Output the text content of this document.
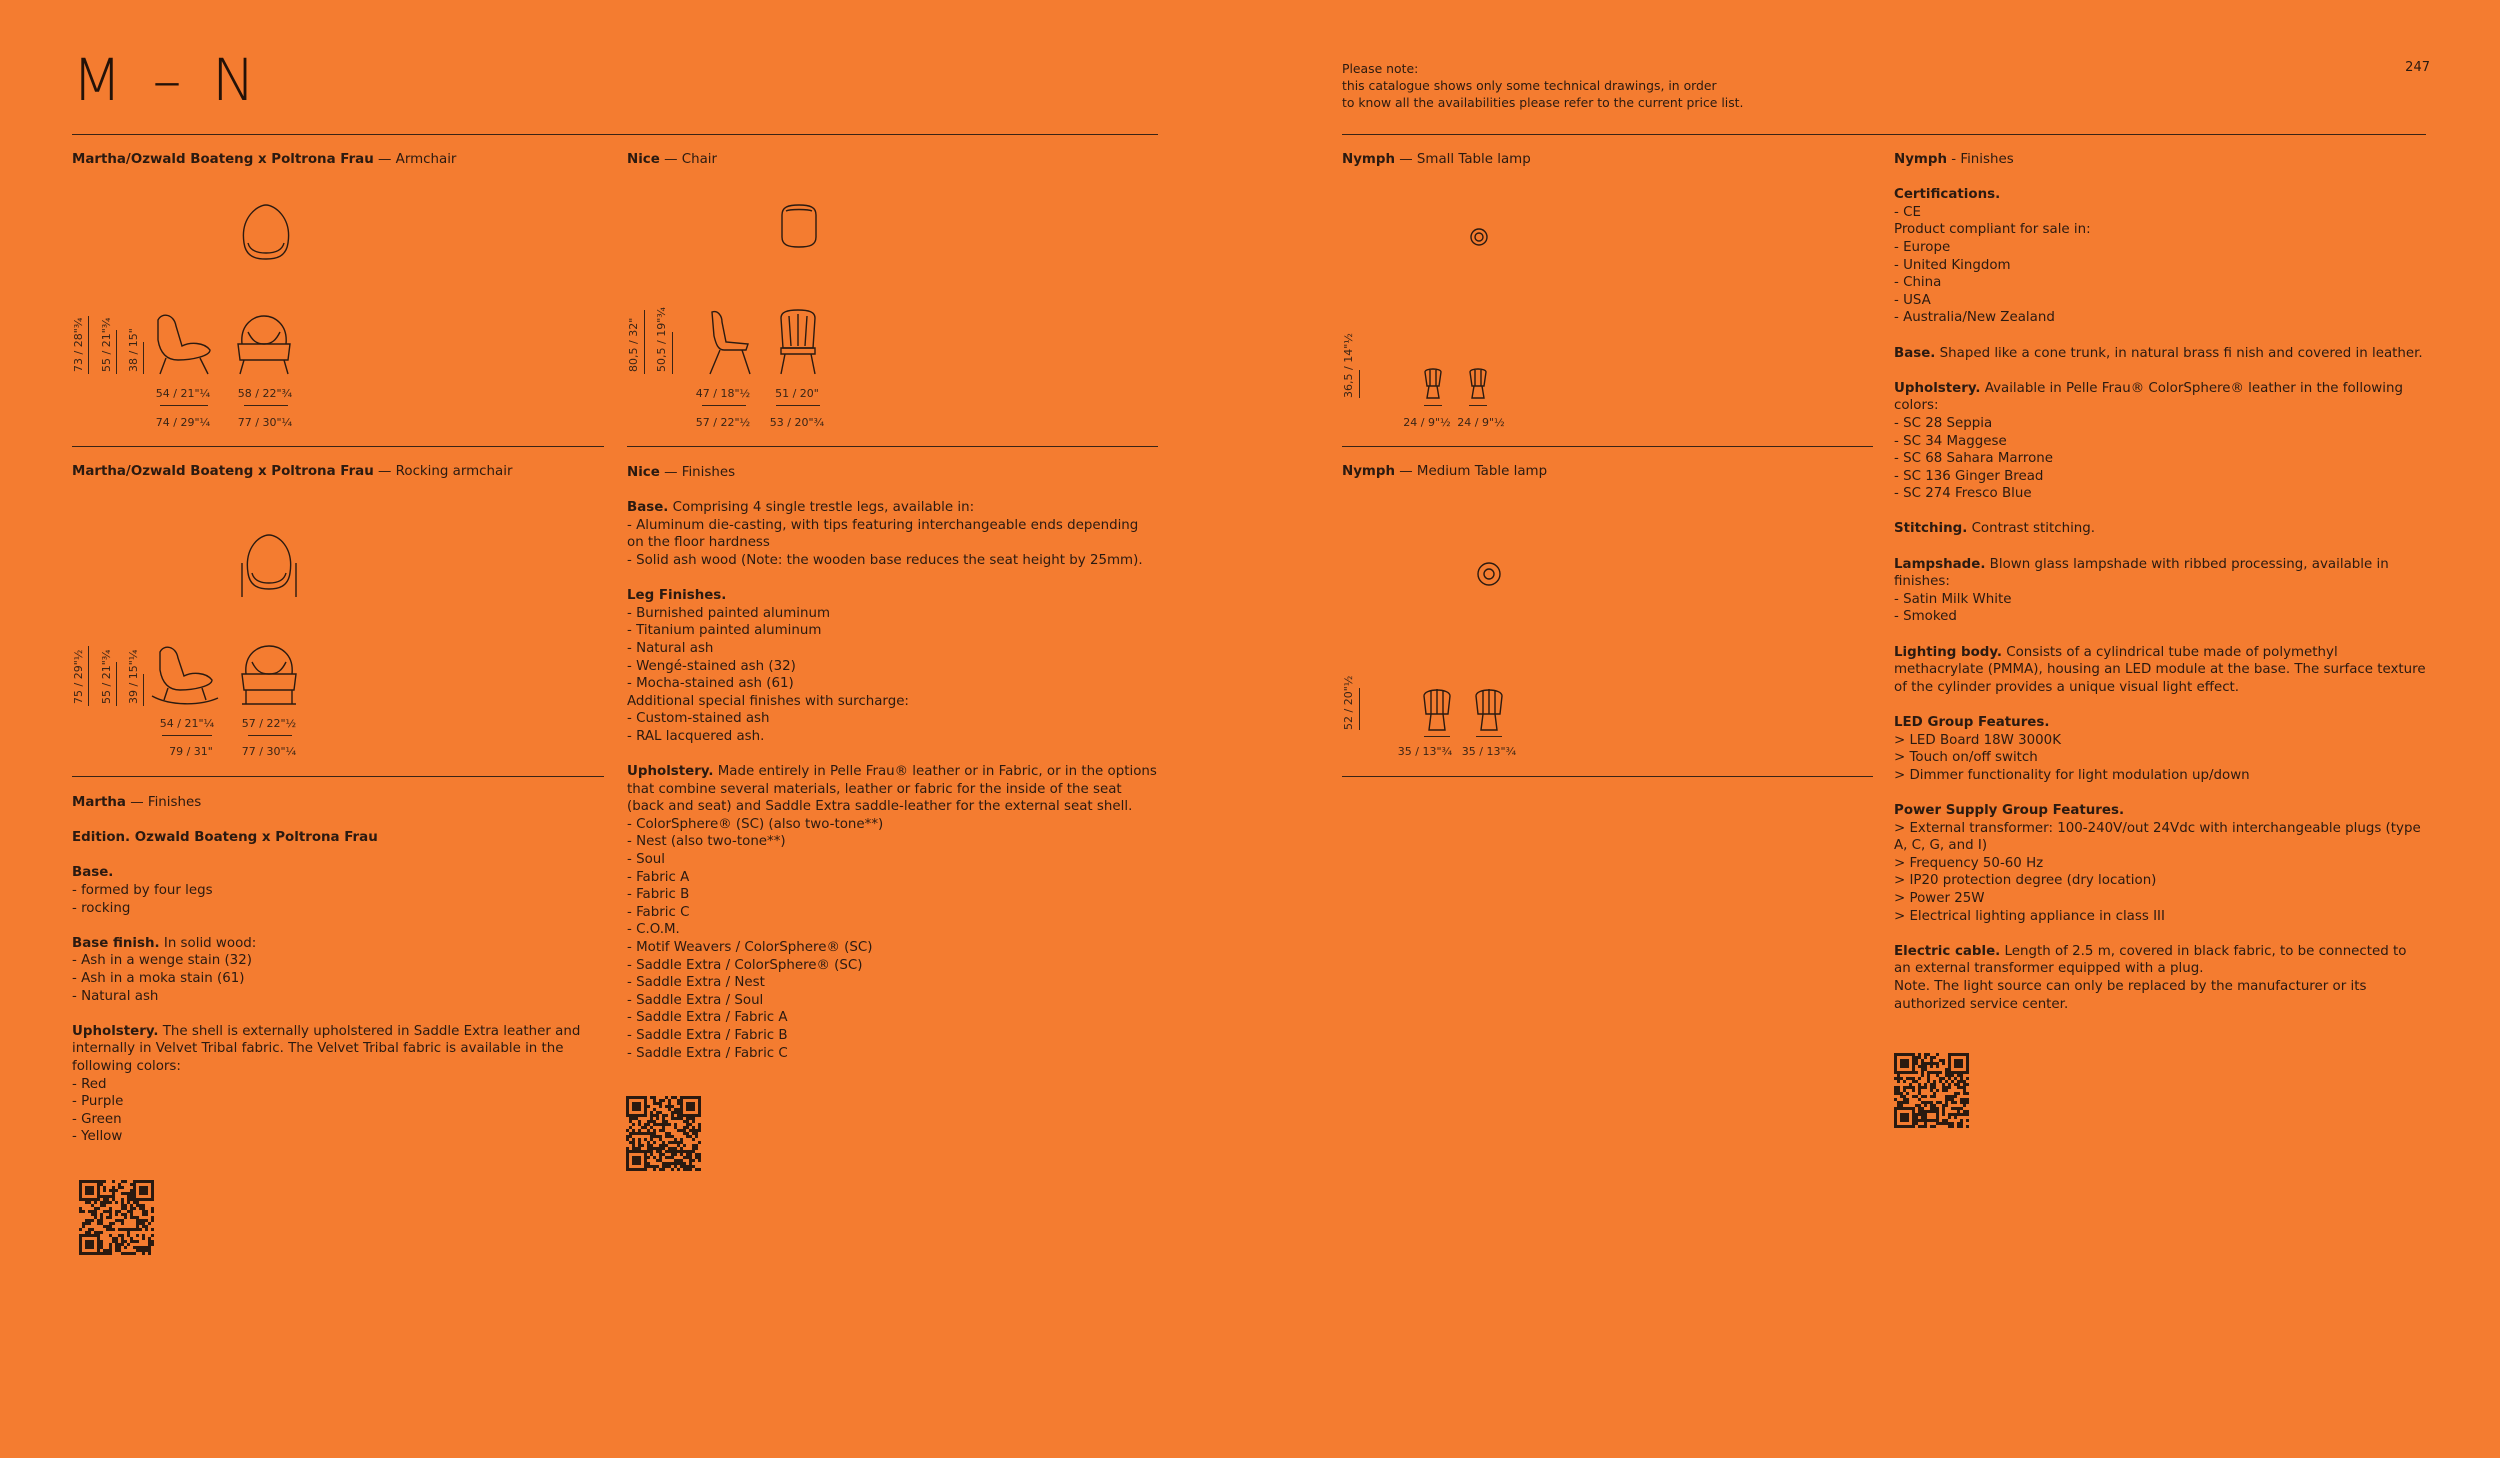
M – N	Please note:
this catalogue shows only some technical drawings, in order
to know all the availabilities please refer to the current price list.
247
Martha/Ozwald Boateng x Poltrona Frau — Armchair
73 / 28"¾ 55 / 21"¾ 38 / 15"
54 / 21"¼	58 / 22"¾
74 / 29"¼	77 / 30"¼
Martha/Ozwald Boateng x Poltrona Frau — Rocking armchair
75 / 29"½ 55 / 21"¾ 39 / 15"¼
54 / 21"¼	57 / 22"½
79 / 31"	77 / 30"¼
Martha — Finishes
Edition. Ozwald Boateng x Poltrona Frau
Base.
- formed by four legs
- rocking
Base finish. In solid wood:
- Ash in a wenge stain (32)
- Ash in a moka stain (61)
- Natural ash
Upholstery. The shell is externally upholstered in Saddle Extra leather and internally in Velvet Tribal fabric. The Velvet Tribal fabric is available in the following colors:
- Red
- Purple
- Green
- Yellow
Nice — Chair
80,5 / 32" 50,5 / 19"¾
47 / 18"½	51 / 20"
57 / 22"½	53 / 20"¾
Nice — Finishes
Base. Comprising 4 single trestle legs, available in:
- Aluminum die-casting, with tips featuring interchangeable ends depending on the floor hardness
- Solid ash wood (Note: the wooden base reduces the seat height by 25mm).
Leg Finishes.
- Burnished painted aluminum
- Titanium painted aluminum
- Natural ash
- Wengé-stained ash (32)
- Mocha-stained ash (61)
Additional special finishes with surcharge:
- Custom-stained ash
- RAL lacquered ash.
Upholstery. Made entirely in Pelle Frau® leather or in Fabric, or in the options that combine several materials, leather or fabric for the inside of the seat (back and seat) and Saddle Extra saddle-leather for the external seat shell.
- ColorSphere® (SC) (also two-tone**)
- Nest (also two-tone**)
- Soul
- Fabric A
- Fabric B
- Fabric C
- C.O.M.
- Motif Weavers / ColorSphere® (SC)
- Saddle Extra / ColorSphere® (SC)
- Saddle Extra / Nest
- Saddle Extra / Soul
- Saddle Extra / Fabric A
- Saddle Extra / Fabric B
- Saddle Extra / Fabric C
Nymph — Small Table lamp
36,5 / 14"½
24 / 9"½ 24 / 9"½
Nymph — Medium Table lamp
52 / 20"½
35 / 13"¾ 35 / 13"¾
Nymph - Finishes
Certifications.
- CE
Product compliant for sale in:
- Europe
- United Kingdom
- China
- USA
- Australia/New Zealand
Base. Shaped like a cone trunk, in natural brass fi nish and covered in leather.
Upholstery. Available in Pelle Frau® ColorSphere® leather in the following colors:
- SC 28 Seppia
- SC 34 Maggese
- SC 68 Sahara Marrone
- SC 136 Ginger Bread
- SC 274 Fresco Blue
Stitching. Contrast stitching.
Lampshade. Blown glass lampshade with ribbed processing, available in finishes:
- Satin Milk White
- Smoked
Lighting body. Consists of a cylindrical tube made of polymethyl methacrylate (PMMA), housing an LED module at the base. The surface texture of the cylinder provides a unique visual light effect.
LED Group Features.
> LED Board 18W 3000K
> Touch on/off switch
> Dimmer functionality for light modulation up/down
Power Supply Group Features.
> External transformer: 100-240V/out 24Vdc with interchangeable plugs (type A, C, G, and I)
> Frequency 50-60 Hz
> IP20 protection degree (dry location)
> Power 25W
> Electrical lighting appliance in class III
Electric cable. Length of 2.5 m, covered in black fabric, to be connected to an external transformer equipped with a plug.
Note. The light source can only be replaced by the manufacturer or its authorized service center.
